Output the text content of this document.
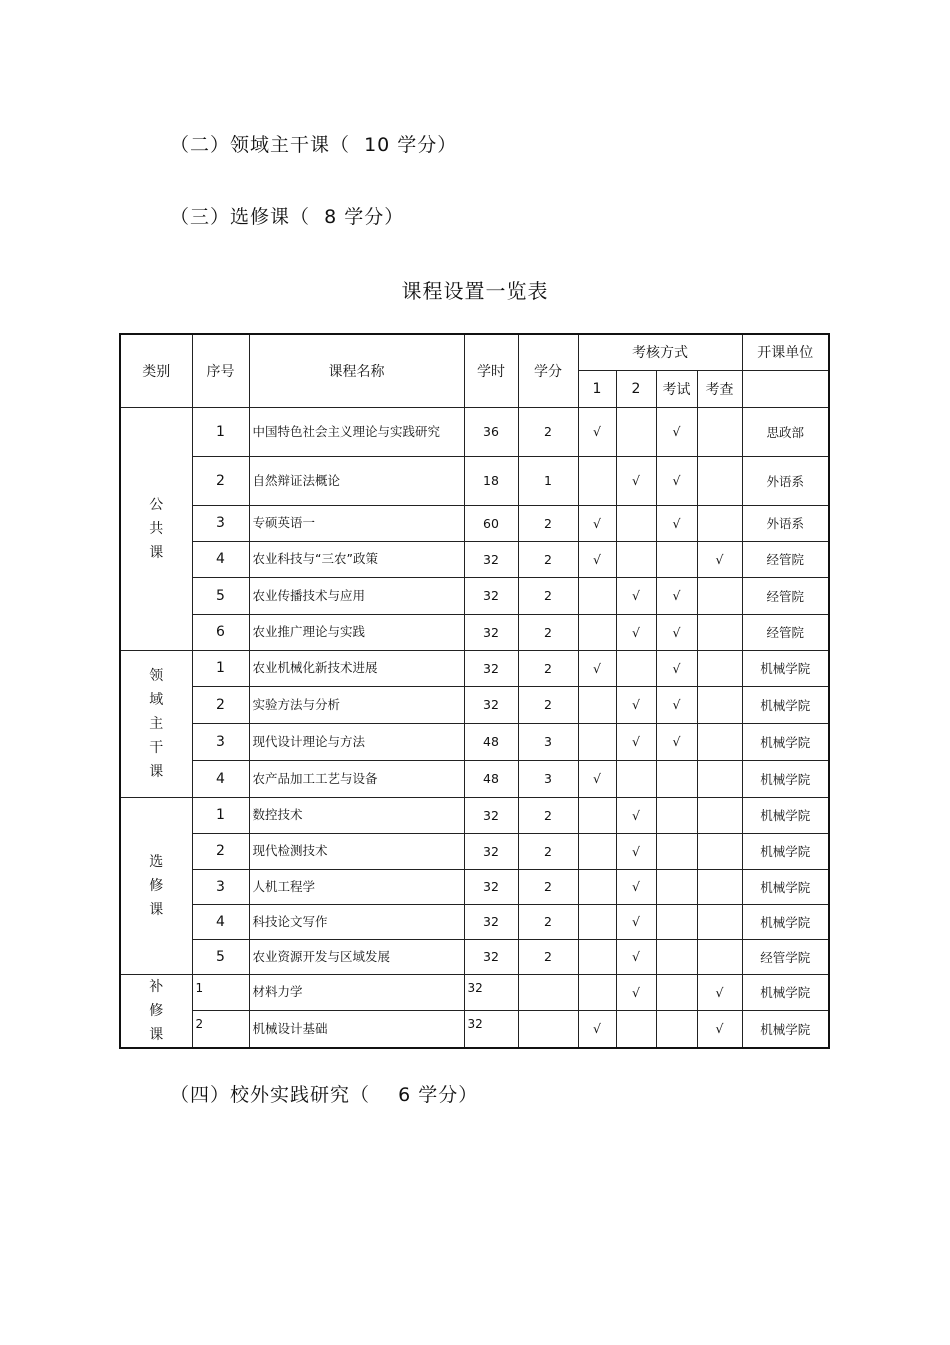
（二）领域主干课（  10 学分）
（三）选修课（  8 学分）
课程设置一览表
类别	序号	课程名称	学时	学分	考核方式				开课单位
					1	2	考试	考查	
公
共
课	1	中国特色社会主义理论与实践研究	36	2	√		√		思政部
	2	自然辩证法概论	18	1		√	√		外语系
	3	专硕英语一	60	2	√		√		外语系
	4	农业科技与“三农”政策	32	2	√			√	经管院
	5	农业传播技术与应用	32	2		√	√		经管院
	6	农业推广理论与实践	32	2		√	√		经管院
领
域
主
干
课	1	农业机械化新技术进展	32	2	√		√		机械学院
	2	实验方法与分析	32	2		√	√		机械学院
	3	现代设计理论与方法	48	3		√	√		机械学院
	4	农产品加工工艺与设备	48	3	√				机械学院
选
修
课	1	数控技术	32	2		√			机械学院
	2	现代检测技术	32	2		√			机械学院
	3	人机工程学	32	2		√			机械学院
	4	科技论文写作	32	2		√			机械学院
	5	农业资源开发与区域发展	32	2		√			经管学院
补
修
课	1	材料力学	32			√		√	机械学院
	2	机械设计基础	32		√			√	机械学院
（四）校外实践研究（    6 学分）
